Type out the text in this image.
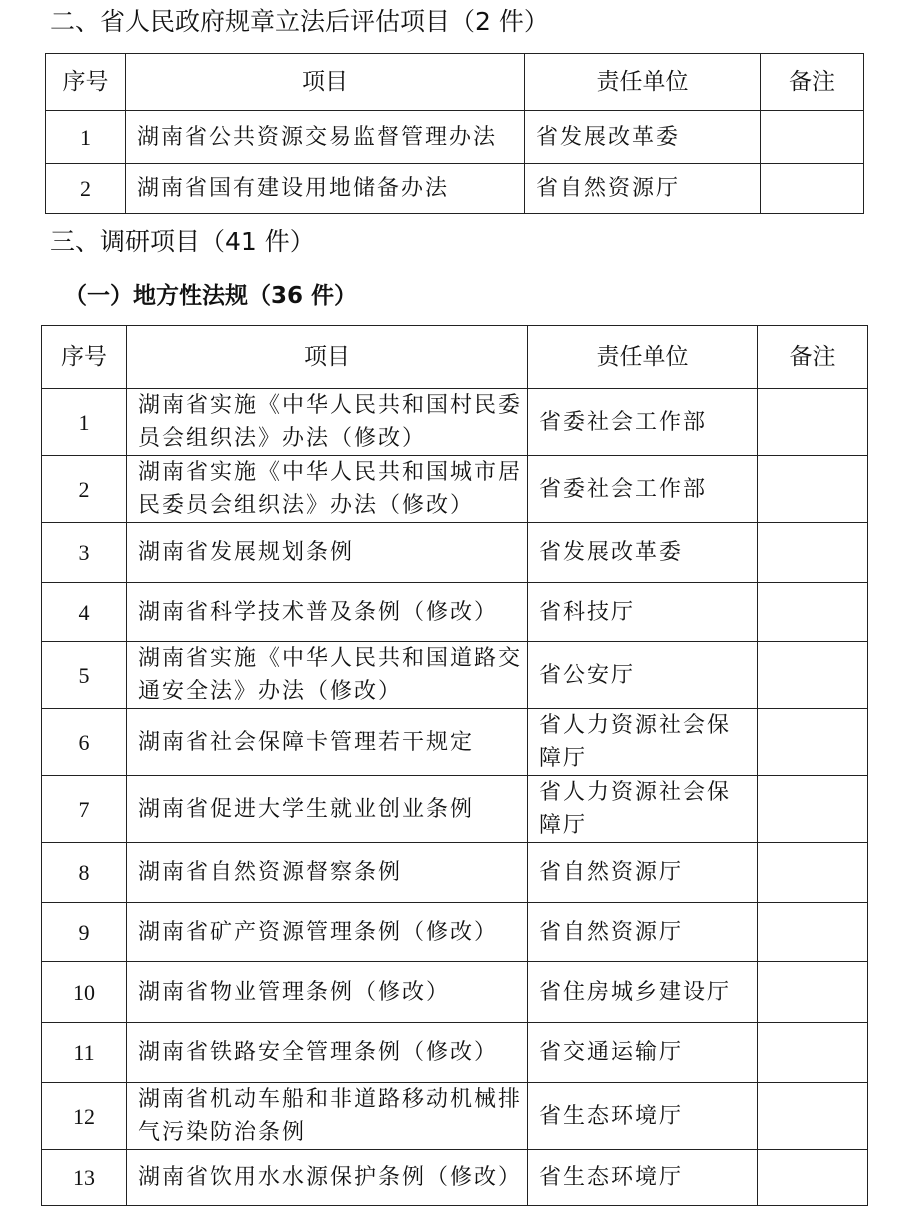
二、省人民政府规章立法后评估项目（2 件）
序号	项目	责任单位	备注
1	湖南省公共资源交易监督管理办法	省发展改革委	
2	湖南省国有建设用地储备办法	省自然资源厅	
三、调研项目（41 件）
（一）地方性法规（36 件）
序号	项目	责任单位	备注
1	湖南省实施《中华人民共和国村民委员会组织法》办法（修改）	省委社会工作部	
2	湖南省实施《中华人民共和国城市居民委员会组织法》办法（修改）	省委社会工作部	
3	湖南省发展规划条例	省发展改革委	
4	湖南省科学技术普及条例（修改）	省科技厅	
5	湖南省实施《中华人民共和国道路交通安全法》办法（修改）	省公安厅	
6	湖南省社会保障卡管理若干规定	省人力资源社会保障厅	
7	湖南省促进大学生就业创业条例	省人力资源社会保障厅	
8	湖南省自然资源督察条例	省自然资源厅	
9	湖南省矿产资源管理条例（修改）	省自然资源厅	
10	湖南省物业管理条例（修改）	省住房城乡建设厅	
11	湖南省铁路安全管理条例（修改）	省交通运输厅	
12	湖南省机动车船和非道路移动机械排气污染防治条例	省生态环境厅	
13	湖南省饮用水水源保护条例（修改）	省生态环境厅	
